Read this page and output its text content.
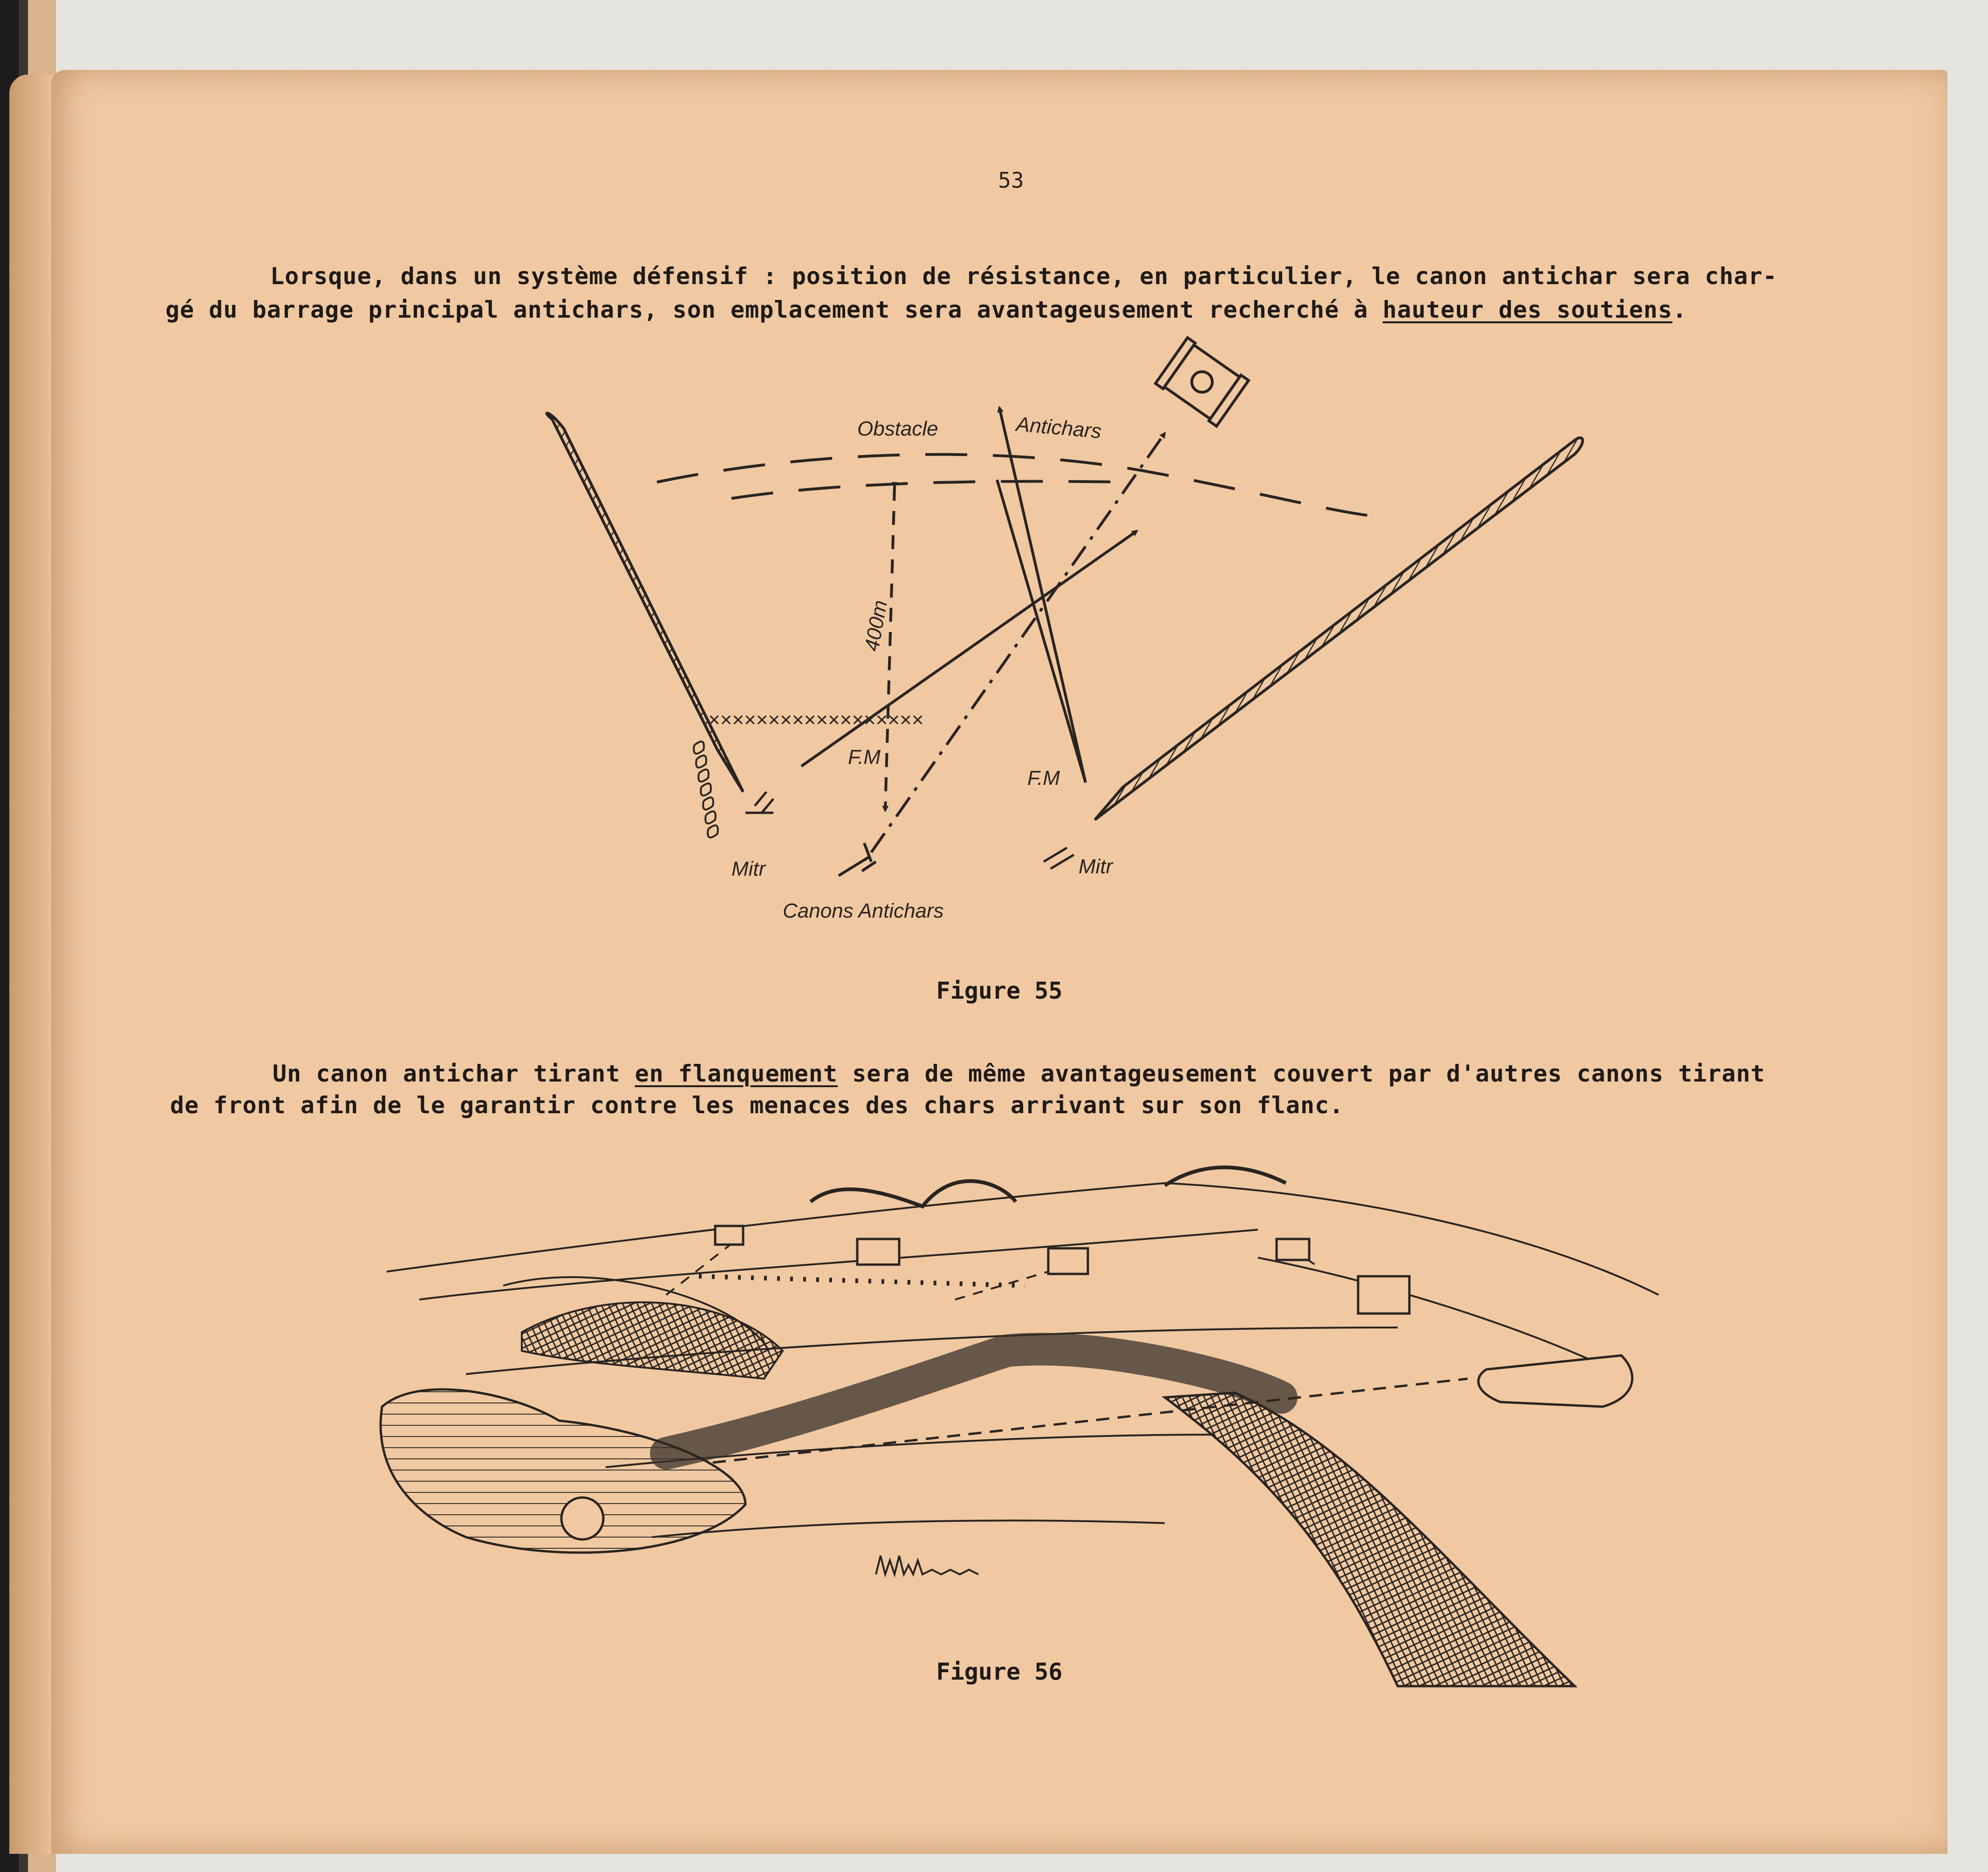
53
Lorsque, dans un système défensif : position de résistance, en particulier, le canon antichar sera char-
gé du barrage principal antichars, son emplacement sera avantageusement recherché à hauteur des soutiens.
××××××××××××××××××
Obstacle	Antichars
400m
F.M
F.M
Mitr	Mitr
Canons Antichars
Figure 55
Un canon antichar tirant en flanquement sera de même avantageusement couvert par d'autres canons tirant
de front afin de le garantir contre les menaces des chars arrivant sur son flanc.
Figure 56
